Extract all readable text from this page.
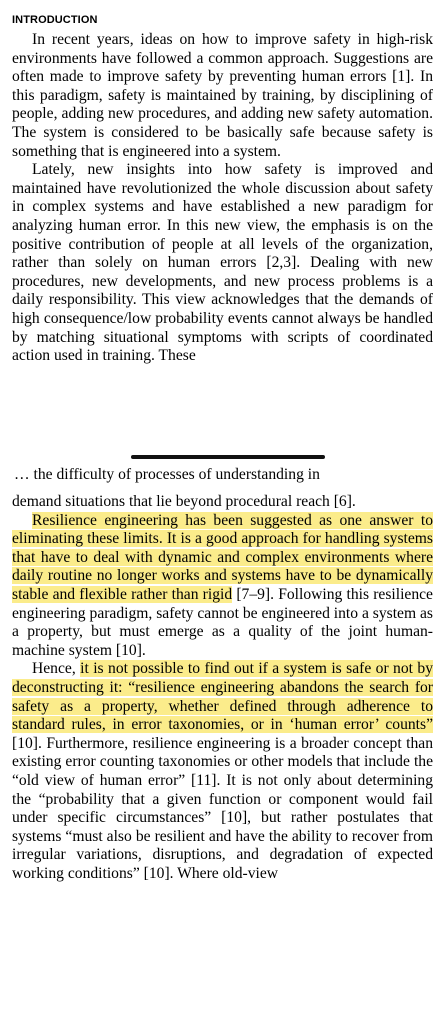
INTRODUCTION

In recent years, ideas on how to improve safety in high-risk environments have followed a common approach. Suggestions are often made to improve safety by preventing human errors [1]. In this paradigm, safety is maintained by training, by disciplining of people, adding new procedures, and adding new safety automation. The system is considered to be basically safe because safety is something that is engineered into a system.

Lately, new insights into how safety is improved and maintained have revolutionized the whole discussion about safety in complex systems and have established a new paradigm for analyzing human error. In this new view, the emphasis is on the positive contribution of people at all levels of the organization, rather than solely on human errors [2,3]. Dealing with new procedures, new developments, and new process problems is a daily responsibility. This view acknowledges that the demands of high consequence/low probability events cannot always be handled by matching situational symptoms with scripts of coordinated action used in training. These

… the difficulty of processes of understanding in

demand situations that lie beyond procedural reach [6].

Resilience engineering has been suggested as one answer to eliminating these limits. It is a good approach for handling systems that have to deal with dynamic and complex environments where daily routine no longer works and systems have to be dynamically stable and flexible rather than rigid [7–9]. Following this resilience engineering paradigm, safety cannot be engineered into a system as a property, but must emerge as a quality of the joint human-machine system [10].

Hence, it is not possible to find out if a system is safe or not by deconstructing it: “resilience engineering abandons the search for safety as a property, whether defined through adherence to standard rules, in error taxonomies, or in ‘human error’ counts” [10]. Furthermore, resilience engineering is a broader concept than existing error counting taxonomies or other models that include the “old view of human error” [11]. It is not only about determining the “probability that a given function or component would fail under specific circumstances” [10], but rather postulates that systems “must also be resilient and have the ability to recover from irregular variations, disruptions, and degradation of expected working conditions” [10]. Where old-view
